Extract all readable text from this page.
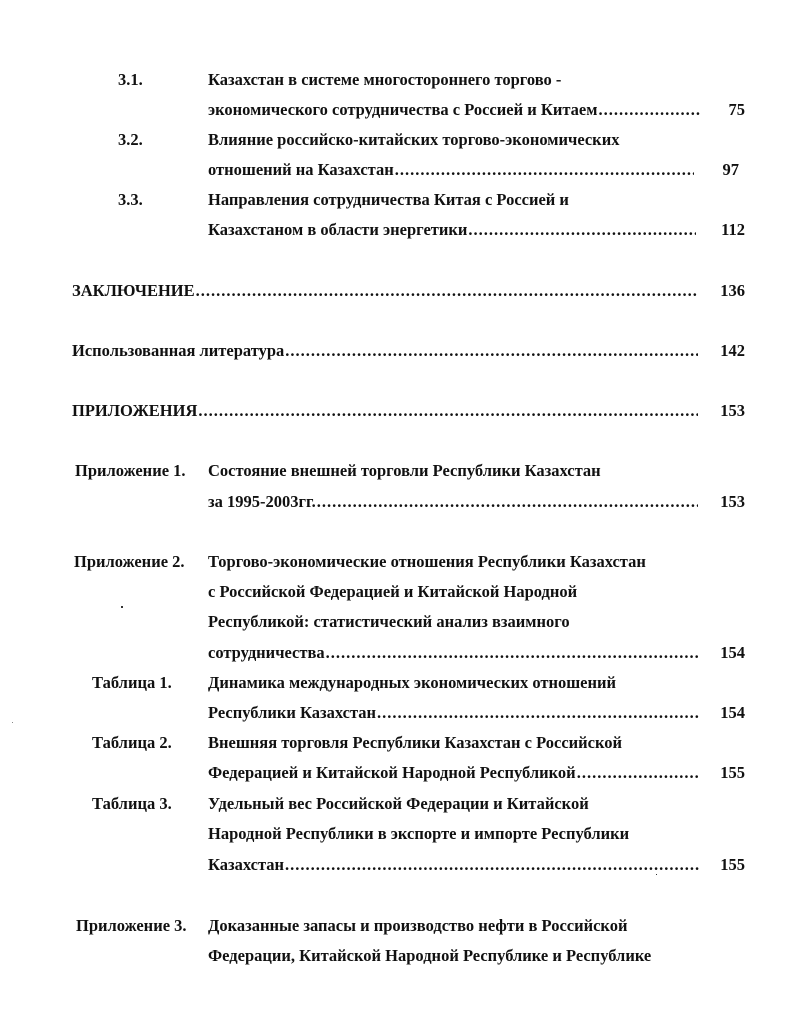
3.1.	Казахстан в системе многостороннего торгово -
экономического сотрудничества с Россией и Китаем .....	75
3.2.	Влияние российско-китайских торгово-экономических
отношений на Казахстан .....	97
3.3.	Направления сотрудничества Китая с Россией и
Казахстаном в области энергетики .....	112
ЗАКЛЮЧЕНИЕ .....	136
Использованная литература .....	142
ПРИЛОЖЕНИЯ .....	153
Приложение 1. Состояние внешней торговли Республики Казахстан
за 1995-2003гг. .....	153
Приложение 2. Торгово-экономические отношения Республики Казахстан
с Российской Федерацией и Китайской Народной
Республикой: статистический анализ взаимного
сотрудничества .....	154
Таблица 1. Динамика международных экономических отношений
Республики Казахстан .....	154
Таблица 2. Внешняя торговля Республики Казахстан с Российской
Федерацией и Китайской Народной Республикой .....	155
Таблица 3. Удельный вес Российской Федерации и Китайской
Народной Республики в экспорте и импорте Республики
Казахстан .....	155
Приложение 3. Доказанные запасы и производство нефти в Российской
Федерации, Китайской Народной Республике и Республике
